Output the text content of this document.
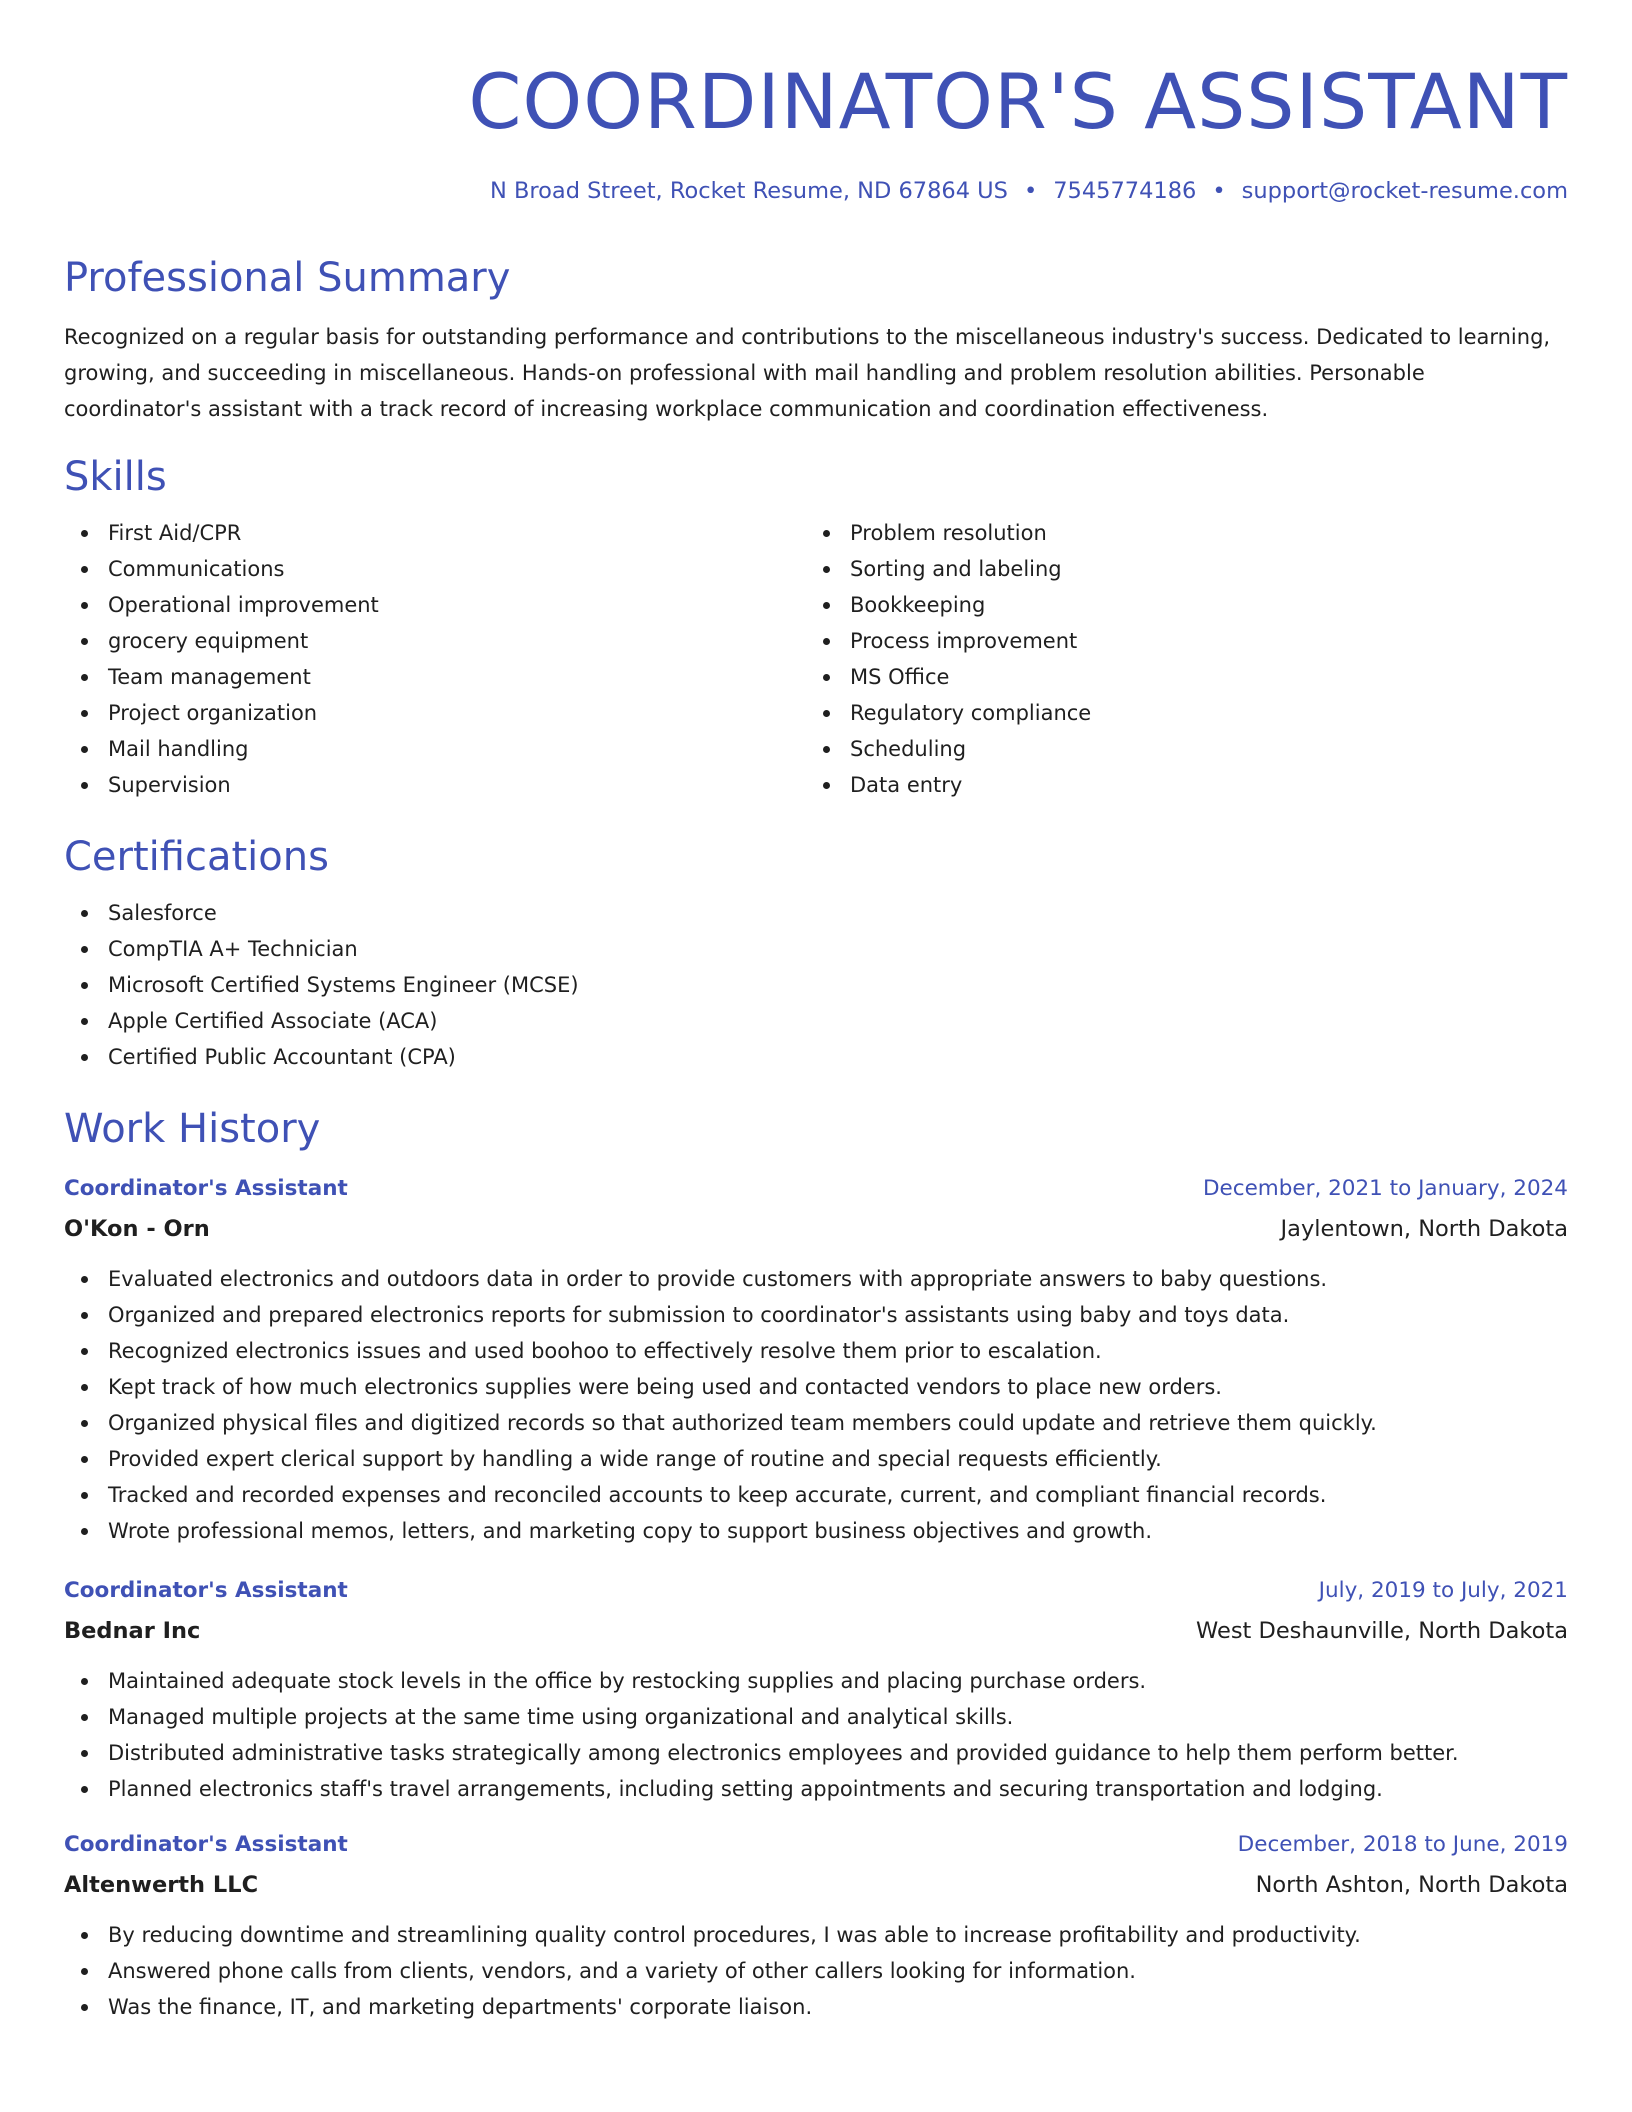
COORDINATOR'S ASSISTANT
N Broad Street, Rocket Resume, ND 67864 US • 7545774186 • support@rocket-resume.com
Professional Summary

Recognized on a regular basis for outstanding performance and contributions to the miscellaneous industry's success. Dedicated to learning, growing, and succeeding in miscellaneous. Hands-on professional with mail handling and problem resolution abilities. Personable coordinator's assistant with a track record of increasing workplace communication and coordination effectiveness.

Skills
First Aid/CPR
Communications
Operational improvement
grocery equipment
Team management
Project organization
Mail handling
Supervision
Problem resolution
Sorting and labeling
Bookkeeping
Process improvement
MS Office
Regulatory compliance
Scheduling
Data entry
Certifications
Salesforce
CompTIA A+ Technician
Microsoft Certified Systems Engineer (MCSE)
Apple Certified Associate (ACA)
Certified Public Accountant (CPA)
Work History
Coordinator's Assistant	December, 2021 to January, 2024
O'Kon - Orn	Jaylentown, North Dakota
Evaluated electronics and outdoors data in order to provide customers with appropriate answers to baby questions.
Organized and prepared electronics reports for submission to coordinator's assistants using baby and toys data.
Recognized electronics issues and used boohoo to effectively resolve them prior to escalation.
Kept track of how much electronics supplies were being used and contacted vendors to place new orders.
Organized physical files and digitized records so that authorized team members could update and retrieve them quickly.
Provided expert clerical support by handling a wide range of routine and special requests efficiently.
Tracked and recorded expenses and reconciled accounts to keep accurate, current, and compliant financial records.
Wrote professional memos, letters, and marketing copy to support business objectives and growth.
Coordinator's Assistant	July, 2019 to July, 2021
Bednar Inc	West Deshaunville, North Dakota
Maintained adequate stock levels in the office by restocking supplies and placing purchase orders.
Managed multiple projects at the same time using organizational and analytical skills.
Distributed administrative tasks strategically among electronics employees and provided guidance to help them perform better.
Planned electronics staff's travel arrangements, including setting appointments and securing transportation and lodging.
Coordinator's Assistant	December, 2018 to June, 2019
Altenwerth LLC	North Ashton, North Dakota
By reducing downtime and streamlining quality control procedures, I was able to increase profitability and productivity.
Answered phone calls from clients, vendors, and a variety of other callers looking for information.
Was the finance, IT, and marketing departments' corporate liaison.
